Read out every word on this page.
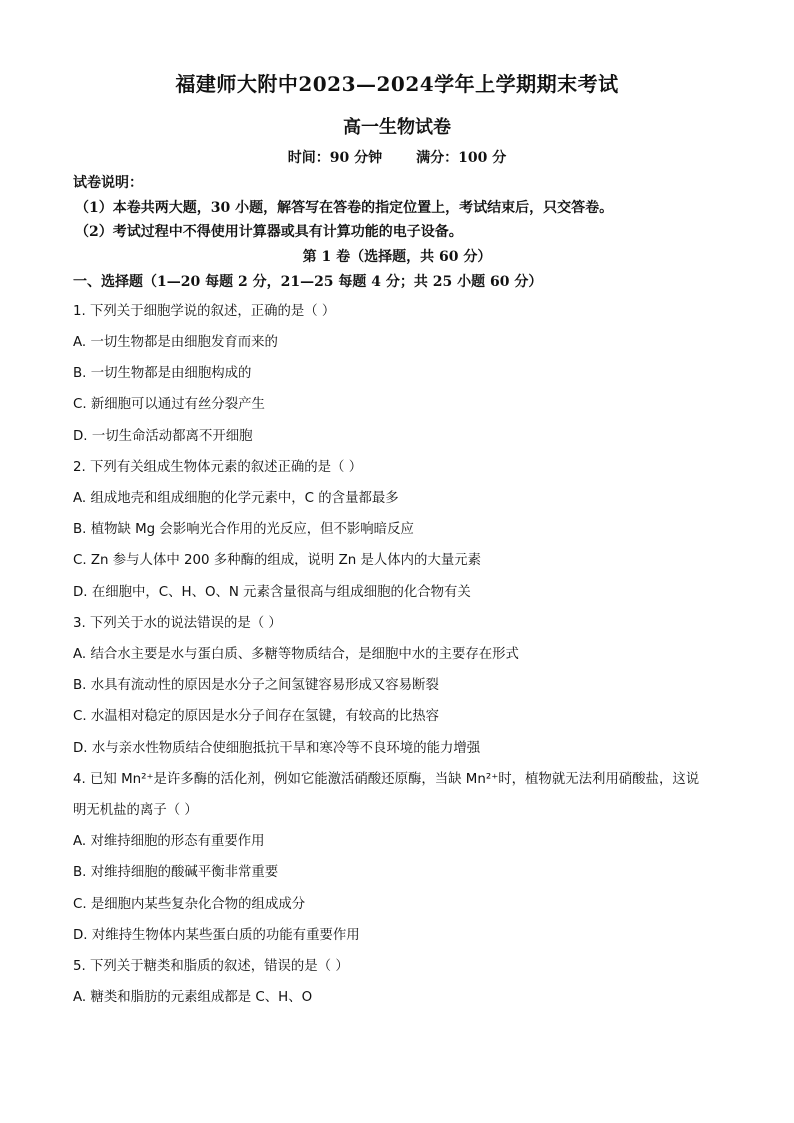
福建师大附中2023—2024学年上学期期末考试
高一生物试卷
时间：90 分钟 满分：100 分
试卷说明：
（1）本卷共两大题，30 小题，解答写在答卷的指定位置上，考试结束后，只交答卷。
（2）考试过程中不得使用计算器或具有计算功能的电子设备。
第 1 卷（选择题，共 60 分）
一、选择题（1—20 每题 2 分，21—25 每题 4 分；共 25 小题 60 分）
1. 下列关于细胞学说的叙述，正确的是（ ）
A. 一切生物都是由细胞发育而来的
B. 一切生物都是由细胞构成的
C. 新细胞可以通过有丝分裂产生
D. 一切生命活动都离不开细胞
2. 下列有关组成生物体元素的叙述正确的是（ ）
A. 组成地壳和组成细胞的化学元素中，C 的含量都最多
B. 植物缺 Mg 会影响光合作用的光反应，但不影响暗反应
C. Zn 参与人体中 200 多种酶的组成，说明 Zn 是人体内的大量元素
D. 在细胞中，C、H、O、N 元素含量很高与组成细胞的化合物有关
3. 下列关于水的说法错误的是（ ）
A. 结合水主要是水与蛋白质、多糖等物质结合，是细胞中水的主要存在形式
B. 水具有流动性的原因是水分子之间氢键容易形成又容易断裂
C. 水温相对稳定的原因是水分子间存在氢键，有较高的比热容
D. 水与亲水性物质结合使细胞抵抗干旱和寒冷等不良环境的能力增强
4. 已知 Mn²⁺是许多酶的活化剂，例如它能激活硝酸还原酶，当缺 Mn²⁺时，植物就无法利用硝酸盐，这说
明无机盐的离子（ ）
A. 对维持细胞的形态有重要作用
B. 对维持细胞的酸碱平衡非常重要
C. 是细胞内某些复杂化合物的组成成分
D. 对维持生物体内某些蛋白质的功能有重要作用
5. 下列关于糖类和脂质的叙述，错误的是（ ）
A. 糖类和脂肪的元素组成都是 C、H、O
